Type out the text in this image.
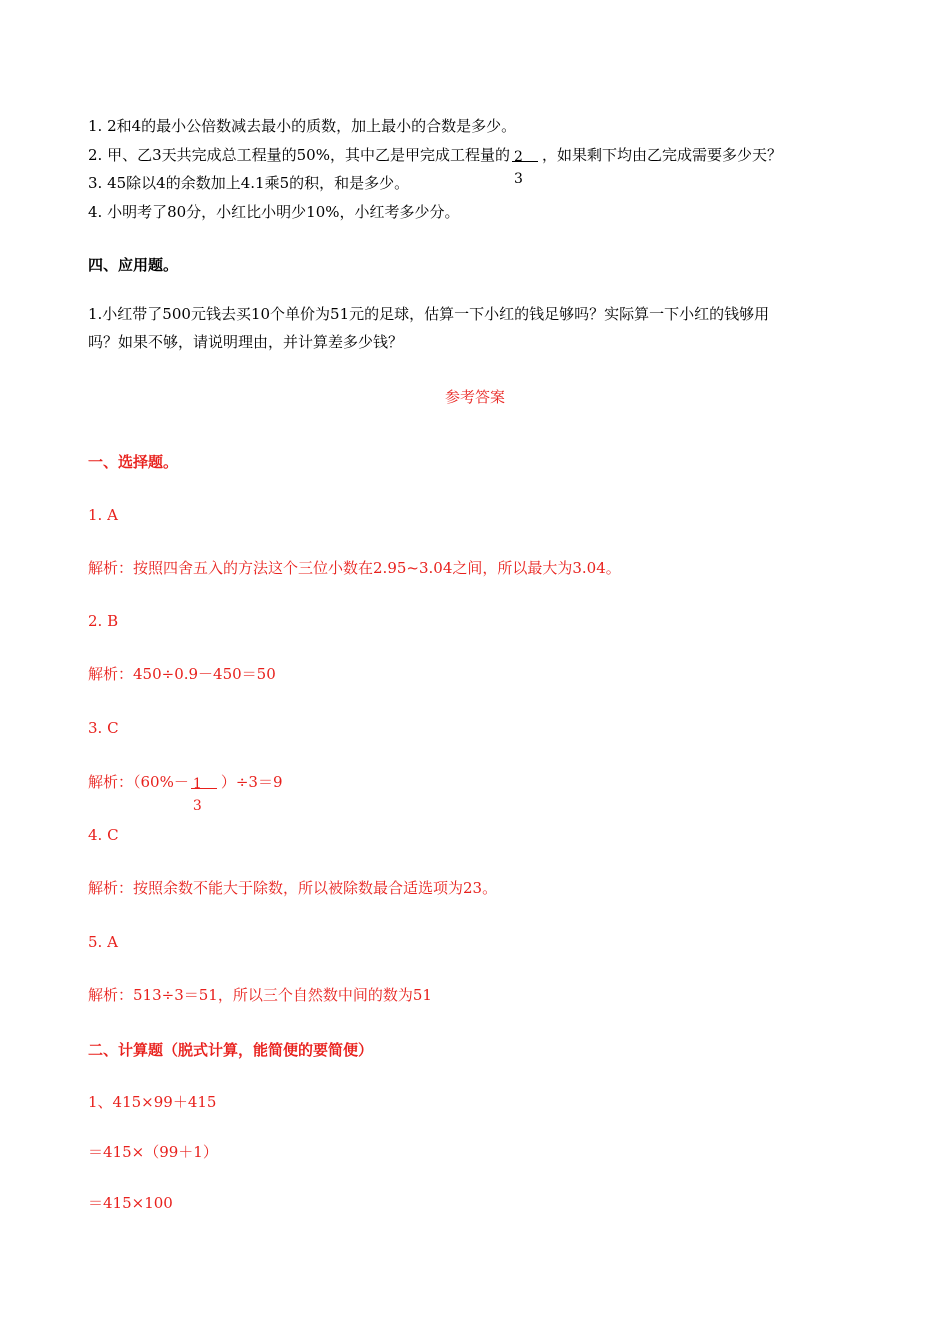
1. 2和4的最小公倍数减去最小的质数，加上最小的合数是多少。
2. 甲、乙3天共完成总工程量的50%，其中乙是甲完成工程量的 $\frac{2}{3}$ ，如果剩下均由乙完成需要多少天？
3. 45除以4的余数加上4.1乘5的积，和是多少。
4. 小明考了80分，小红比小明少10%，小红考多少分。
四、应用题。
1.小红带了500元钱去买10个单价为51元的足球，估算一下小红的钱足够吗？实际算一下小红的钱够用
吗？如果不够，请说明理由，并计算差多少钱？
参考答案
一、选择题。
1. A
解析：按照四舍五入的方法这个三位小数在2.95~3.04之间，所以最大为3.04。
2. B
解析：450÷0.9－450＝50
3. C
解析：$(60\%- \frac{1}{3} )\div 3=9$
4. C
解析：按照余数不能大于除数，所以被除数最合适选项为23。
5. A
解析：513÷3＝51，所以三个自然数中间的数为51
二、计算题（脱式计算，能简便的要简便）
1、415×99＋415
＝415×（99＋1）
＝415×100
